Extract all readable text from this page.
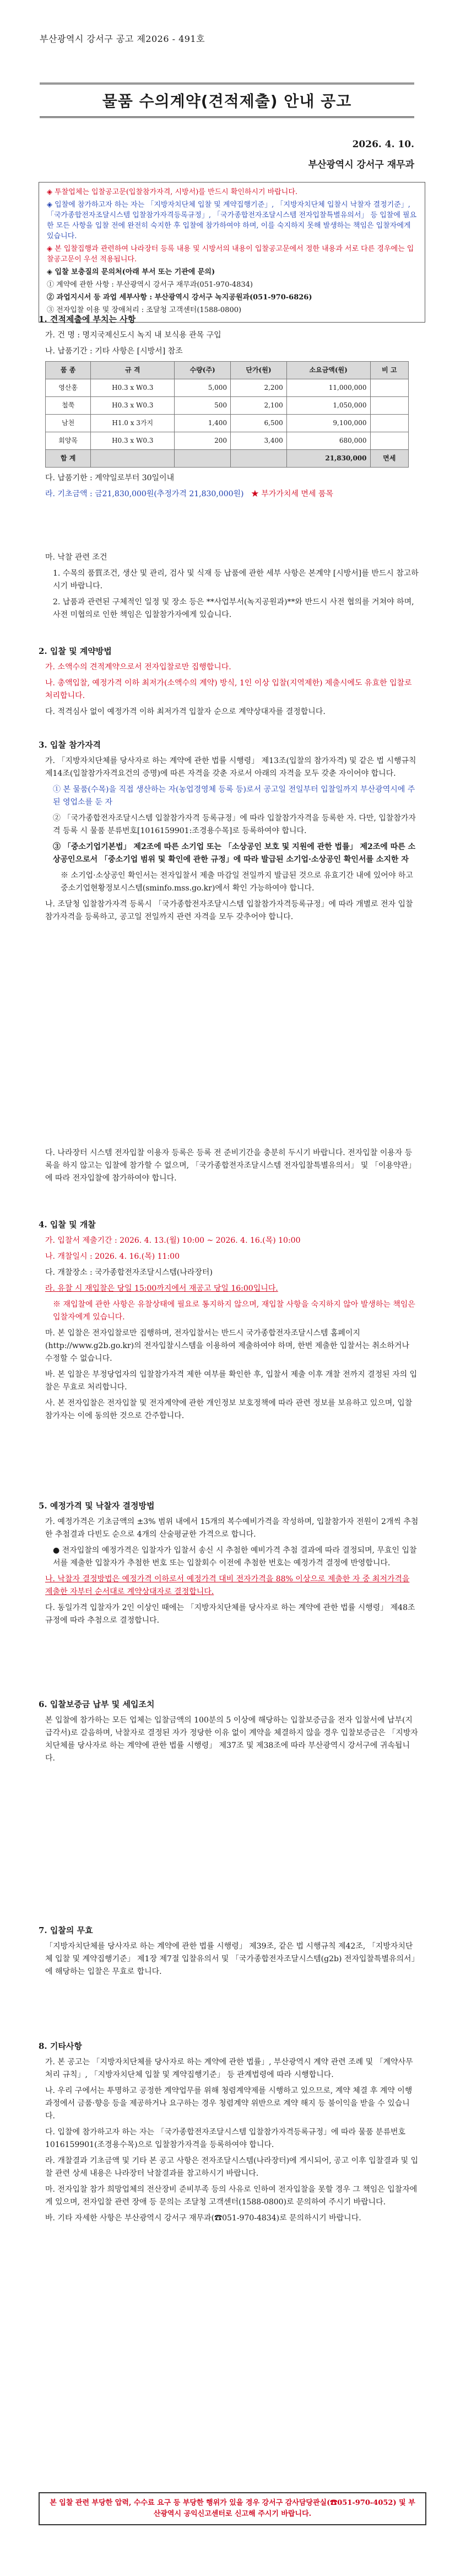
부산광역시 강서구 공고 제2026 - 491호
물품 수의계약(견적제출) 안내 공고
2026. 4. 10.
부산광역시 강서구 재무과

◈ 투찰업체는 입찰공고문(입찰참가자격, 시방서)를 반드시 확인하시기 바랍니다.

◈ 입찰에 참가하고자 하는 자는 「지방자치단체 입찰 및 계약집행기준」, 「지방자치단체 입찰시 낙찰자 결정기준」, 「국가종합전자조달시스템 입찰참가자격등록규정」, 「국가종합전자조달시스템 전자입찰특별유의서」 등 입찰에 필요한 모든 사항을 입찰 전에 완전히 숙지한 후 입찰에 참가하여야 하며, 이를 숙지하지 못해 발생하는 책임은 입찰자에게 있습니다.

◈ 본 입찰집행과 관련하여 나라장터 등록 내용 및 시방서의 내용이 입찰공고문에서 정한 내용과 서로 다른 경우에는 입찰공고문이 우선 적용됩니다.

◈ 입찰 보충질의 문의처(아래 부서 또는 기관에 문의)

① 계약에 관한 사항 : 부산광역시 강서구 재무과(051-970-4834)

② 과업지시서 등 과업 세부사항 : 부산광역시 강서구 녹지공원과(051-970-6826)

③ 전자입찰 이용 및 장애처리 : 조달청 고객센터(1588-0800)

1. 견적제출에 부치는 사항

가. 건 명 : 명지국제신도시 녹지 내 보식용 관목 구입

나. 납품기간 : 기타 사항은 [시방서] 참조

품 종	규 격	수량(주)	단가(원)	소요금액(원)	비 고
영산홍	H0.3 x W0.3	5,000	2,200	11,000,000	
철쭉	H0.3 x W0.3	500	2,100	1,050,000	
남천	H1.0 x 3가지	1,400	6,500	9,100,000	
회양목	H0.3 x W0.3	200	3,400	680,000	
합 계				21,830,000	면세

다. 납품기한 : 계약일로부터 30일이내

라. 기초금액 : 금21,830,000원(추정가격 21,830,000원) ★ 부가가치세 면세 품목

마. 낙찰 관련 조건

1. 수목의 품質조건, 생산 및 관리, 검사 및 식재 등 납품에 관한 세부 사항은 본계약 [시방서]를 반드시 참고하시기 바랍니다.

2. 납품과 관련된 구체적인 일정 및 장소 등은 **사업부서(녹지공원과)**와 반드시 사전 협의를 거쳐야 하며, 사전 미협의로 인한 책임은 입찰참가자에게 있습니다.

2. 입찰 및 계약방법

가. 소액수의 견적계약으로서 전자입찰로만 집행합니다.

나. 총액입찰, 예정가격 이하 최저가(소액수의 계약) 방식, 1인 이상 입찰(지역제한) 제출시에도 유효한 입찰로 처리합니다.

다. 적격심사 없이 예정가격 이하 최저가격 입찰자 순으로 계약상대자를 결정합니다.

3. 입찰 참가자격

가. 「지방자치단체를 당사자로 하는 계약에 관한 법률 시행령」 제13조(입찰의 참가자격) 및 같은 법 시행규칙 제14조(입찰참가자격요건의 증명)에 따른 자격을 갖춘 자로서 아래의 자격을 모두 갖춘 자이어야 합니다.

① 본 물품(수목)을 직접 생산하는 자(농업경영체 등록 등)로서 공고일 전일부터 입찰일까지 부산광역시에 주된 영업소를 둔 자

② 「국가종합전자조달시스템 입찰참가자격 등록규정」에 따라 입찰참가자격을 등록한 자. 다만, 입찰참가자격 등록 시 물품 분류번호[1016159901:조경용수목]로 등록하여야 합니다.

③ 「중소기업기본법」 제2조에 따른 소기업 또는 「소상공인 보호 및 지원에 관한 법률」 제2조에 따른 소상공인으로서 「중소기업 범위 및 확인에 관한 규정」에 따라 발급된 소기업·소상공인 확인서를 소지한 자

※ 소기업·소상공인 확인서는 전자입찰서 제출 마감일 전일까지 발급된 것으로 유효기간 내에 있어야 하고 중소기업현황정보시스템(sminfo.mss.go.kr)에서 확인 가능하여야 합니다.

나. 조달청 입찰참가자격 등록시 「국가종합전자조달시스템 입찰참가자격등록규정」에 따라 개별로 전자 입찰참가자격을 등록하고, 공고일 전일까지 관련 자격을 모두 갖추어야 합니다.

다. 나라장터 시스템 전자입찰 이용자 등록은 등록 전 준비기간을 충분히 두시기 바랍니다. 전자입찰 이용자 등록을 하지 않고는 입찰에 참가할 수 없으며, 「국가종합전자조달시스템 전자입찰특별유의서」 및 「이용약관」에 따라 전자입찰에 참가하여야 합니다.

4. 입찰 및 개찰

가. 입찰서 제출기간 : 2026. 4. 13.(월) 10:00 ~ 2026. 4. 16.(목) 10:00

나. 개찰일시 : 2026. 4. 16.(목) 11:00

다. 개찰장소 : 국가종합전자조달시스템(나라장터)

라. 유찰 시 재입찰은 당일 15:00까지에서 재공고 당일 16:00입니다.

※ 재입찰에 관한 사항은 유찰상태에 필요로 통지하지 않으며, 재입찰 사항을 숙지하지 않아 발생하는 책임은 입찰자에게 있습니다.

마. 본 입찰은 전자입찰로만 집행하며, 전자입찰서는 반드시 국가종합전자조달시스템 홈페이지(http://www.g2b.go.kr)의 전자입찰시스템을 이용하여 제출하여야 하며, 한번 제출한 입찰서는 취소하거나 수정할 수 없습니다.

바. 본 입찰은 부정당업자의 입찰참가자격 제한 여부를 확인한 후, 입찰서 제출 이후 개찰 전까지 결정된 자의 입찰은 무효로 처리합니다.

사. 본 전자입찰은 전자입찰 및 전자계약에 관한 개인정보 보호정책에 따라 관련 정보를 보유하고 있으며, 입찰 참가자는 이에 동의한 것으로 간주합니다.

5. 예정가격 및 낙찰자 결정방법

가. 예정가격은 기초금액의 ±3% 범위 내에서 15개의 복수예비가격을 작성하며, 입찰참가자 전원이 2개씩 추첨한 추첨결과 다빈도 순으로 4개의 산술평균한 가격으로 합니다.

● 전자입찰의 예정가격은 입찰자가 입찰서 송신 시 추첨한 예비가격 추첨 결과에 따라 결정되며, 무효인 입찰서를 제출한 입찰자가 추첨한 번호 또는 입찰회수 이전에 추첨한 번호는 예정가격 결정에 반영합니다.

나. 낙찰자 결정방법은 예정가격 이하로서 예정가격 대비 전자가격을 88% 이상으로 제출한 자 중 최저가격을 제출한 자부터 순서대로 계약상대자로 결정합니다.

다. 동일가격 입찰자가 2인 이상인 때에는 「지방자치단체를 당사자로 하는 계약에 관한 법률 시행령」 제48조 규정에 따라 추첨으로 결정합니다.

6. 입찰보증금 납부 및 세입조치

본 입찰에 참가하는 모든 업체는 입찰금액의 100분의 5 이상에 해당하는 입찰보증금을 전자 입찰서에 납부(지급각서)로 갈음하며, 낙찰자로 결정된 자가 정당한 이유 없이 계약을 체결하지 않을 경우 입찰보증금은 「지방자치단체를 당사자로 하는 계약에 관한 법률 시행령」 제37조 및 제38조에 따라 부산광역시 강서구에 귀속됩니다.

7. 입찰의 무효

「지방자치단체를 당사자로 하는 계약에 관한 법률 시행령」 제39조, 같은 법 시행규칙 제42조, 「지방자치단체 입찰 및 계약집행기준」 제1장 제7절 입찰유의서 및 「국가종합전자조달시스템(g2b) 전자입찰특별유의서」에 해당하는 입찰은 무효로 합니다.

8. 기타사항

가. 본 공고는 「지방자치단체를 당사자로 하는 계약에 관한 법률」, 부산광역시 계약 관련 조례 및 「계약사무 처리 규칙」, 「지방자치단체 입찰 및 계약집행기준」 등 관계법령에 따라 시행합니다.

나. 우리 구에서는 투명하고 공정한 계약업무를 위해 청렴계약제를 시행하고 있으므로, 계약 체결 후 계약 이행 과정에서 금품·향응 등을 제공하거나 요구하는 경우 청렴계약 위반으로 계약 해지 등 불이익을 받을 수 있습니다.

다. 입찰에 참가하고자 하는 자는 「국가종합전자조달시스템 입찰참가자격등록규정」에 따라 물품 분류번호 1016159901(조경용수목)으로 입찰참가자격을 등록하여야 합니다.

라. 개찰결과 기초금액 및 기타 본 공고 사항은 전자조달시스템(나라장터)에 게시되어, 공고 이후 입찰결과 및 입찰 관련 상세 내용은 나라장터 낙찰결과를 참고하시기 바랍니다.

마. 전자입찰 참가 희망업체의 전산장비 준비부족 등의 사유로 인하여 전자입찰을 못할 경우 그 책임은 입찰자에게 있으며, 전자입찰 관련 장애 등 문의는 조달청 고객센터(1588-0800)로 문의하여 주시기 바랍니다.

바. 기타 자세한 사항은 부산광역시 강서구 재무과(☎051-970-4834)로 문의하시기 바랍니다.

본 입찰 관련 부당한 압력, 수수료 요구 등 부당한 행위가 있을 경우 강서구 감사담당관실(☎051-970-4052) 및 부산광역시 공익신고센터로 신고해 주시기 바랍니다.
